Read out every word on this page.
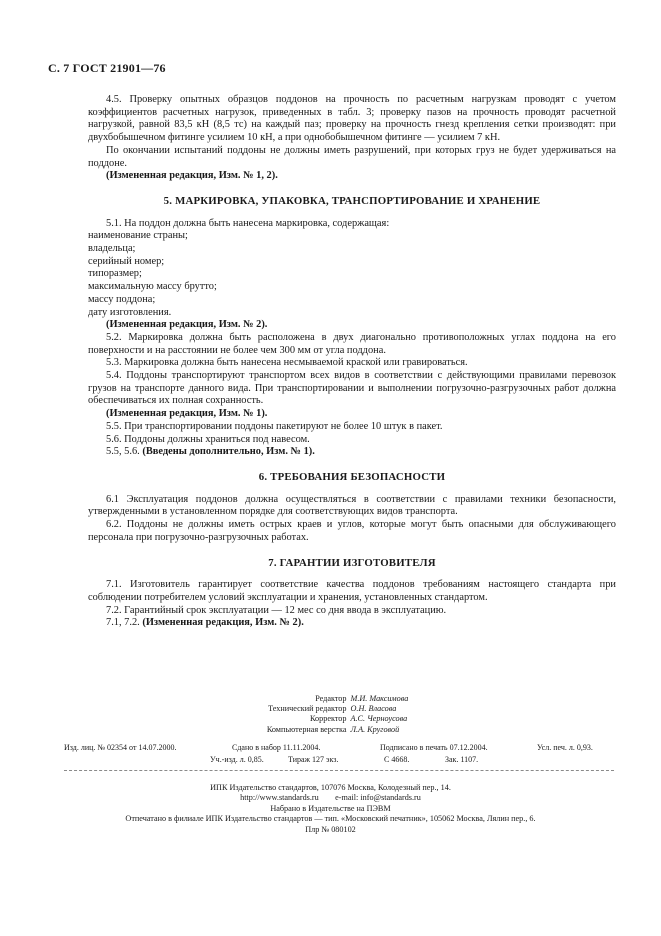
С. 7 ГОСТ 21901—76

4.5. Проверку опытных образцов поддонов на прочность по расчетным нагрузкам проводят с учетом коэффициентов расчетных нагрузок, приведенных в табл. 3; проверку пазов на прочность проводят расчетной нагрузкой, равной 83,5 кН (8,5 тс) на каждый паз; проверку на прочность гнезд крепления сетки производят: при двухбобышечном фитинге усилием 10 кН, а при однобобышечном фитинге — усилием 7 кН.

По окончании испытаний поддоны не должны иметь разрушений, при которых груз не будет удерживаться на поддоне.

(Измененная редакция, Изм. № 1, 2).

5. МАРКИРОВКА, УПАКОВКА, ТРАНСПОРТИРОВАНИЕ И ХРАНЕНИЕ

5.1. На поддон должна быть нанесена маркировка, содержащая:

наименование страны;

владельца;

серийный номер;

типоразмер;

максимальную массу брутто;

массу поддона;

дату изготовления.

(Измененная редакция, Изм. № 2).

5.2. Маркировка должна быть расположена в двух диагонально противоположных углах поддона на его поверхности и на расстоянии не более чем 300 мм от угла поддона.

5.3. Маркировка должна быть нанесена несмываемой краской или гравироваться.

5.4. Поддоны транспортируют транспортом всех видов в соответствии с действующими правилами перевозок грузов на транспорте данного вида. При транспортировании и выполнении погрузочно-разгрузочных работ должна обеспечиваться их полная сохранность.

(Измененная редакция, Изм. № 1).

5.5. При транспортировании поддоны пакетируют не более 10 штук в пакет.

5.6. Поддоны должны храниться под навесом.

5.5, 5.6. (Введены дополнительно, Изм. № 1).

6. ТРЕБОВАНИЯ БЕЗОПАСНОСТИ

6.1 Эксплуатация поддонов должна осуществляться в соответствии с правилами техники безопасности, утвержденными в установленном порядке для соответствующих видов транспорта.

6.2. Поддоны не должны иметь острых краев и углов, которые могут быть опасными для обслуживающего персонала при погрузочно-разгрузочных работах.

7. ГАРАНТИИ ИЗГОТОВИТЕЛЯ

7.1. Изготовитель гарантирует соответствие качества поддонов требованиям настоящего стандарта при соблюдении потребителем условий эксплуатации и хранения, установленных стандартом.

7.2. Гарантийный срок эксплуатации — 12 мес со дня ввода в эксплуатацию.

7.1, 7.2. (Измененная редакция, Изм. № 2).

Редактор М.И. Максимова
Технический редактор О.Н. Власова
Корректор А.С. Черноусова
Компьютерная верстка Л.А. Круговой
Изд. лиц. № 02354 от 14.07.2000.	Сдано в набор 11.11.2004.	Подписано в печать 07.12.2004.	Усл. печ. л. 0,93.
Уч.-изд. л. 0,85.	Тираж 127 экз.	С 4668.	Зак. 1107.
ИПК Издательство стандартов, 107076 Москва, Колодезный пер., 14.
http://www.standards.ru e-mail: info@standards.ru
Набрано в Издательстве на ПЭВМ
Отпечатано в филиале ИПК Издательство стандартов — тип. «Московский печатник», 105062 Москва, Лялин пер., 6.
Плр № 080102
